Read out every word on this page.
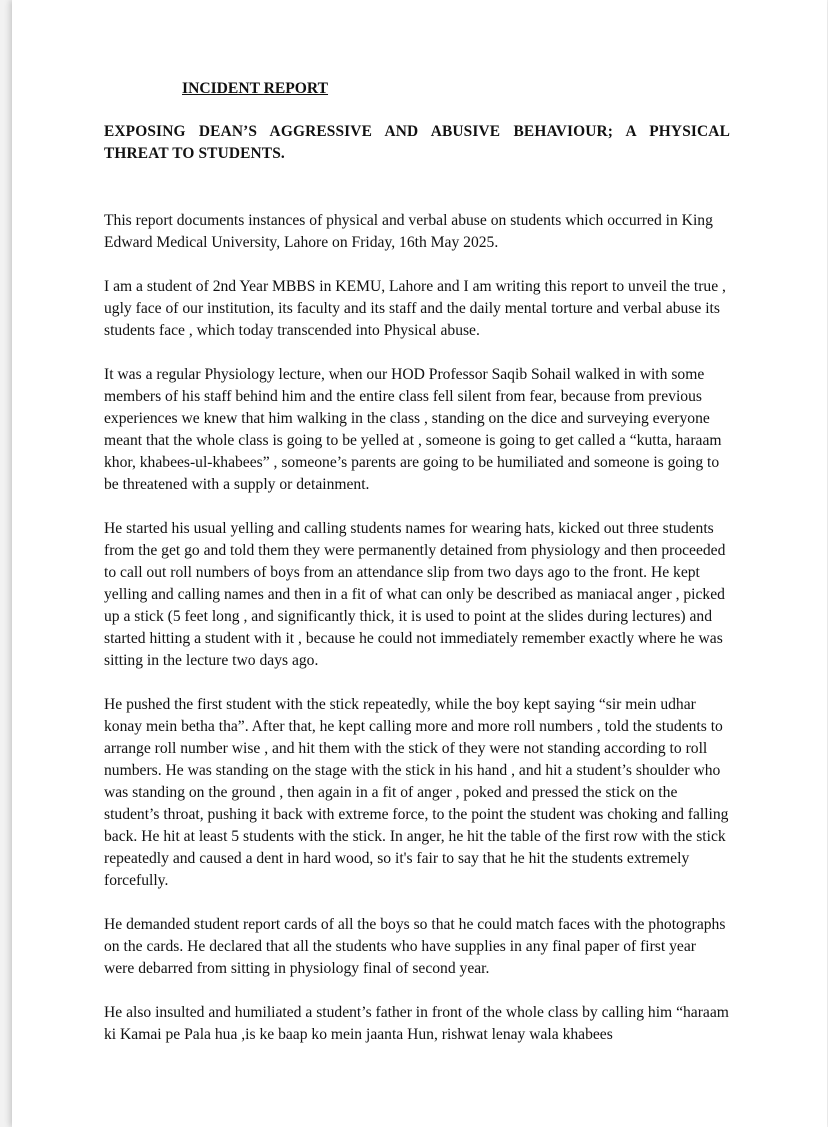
INCIDENT REPORT

EXPOSING DEAN’S AGGRESSIVE AND ABUSIVE BEHAVIOUR; A PHYSICAL THREAT TO STUDENTS.

This report documents instances of physical and verbal abuse on students which occurred in King Edward Medical University, Lahore on Friday, 16th May 2025.

I am a student of 2nd Year MBBS in KEMU, Lahore and I am writing this report to unveil the true , ugly face of our institution, its faculty and its staff and the daily mental torture and verbal abuse its students face , which today transcended into Physical abuse.

It was a regular Physiology lecture, when our HOD Professor Saqib Sohail walked in with some members of his staff behind him and the entire class fell silent from fear, because from previous experiences we knew that him walking in the class , standing on the dice and surveying everyone meant that the whole class is going to be yelled at , someone is going to get called a “kutta, haraam khor, khabees-ul-khabees” , someone’s parents are going to be humiliated and someone is going to be threatened with a supply or detainment.

He started his usual yelling and calling students names for wearing hats, kicked out three students from the get go and told them they were permanently detained from physiology and then proceeded to call out roll numbers of boys from an attendance slip from two days ago to the front. He kept yelling and calling names and then in a fit of what can only be described as maniacal anger , picked up a stick (5 feet long , and significantly thick, it is used to point at the slides during lectures) and started hitting a student with it , because he could not immediately remember exactly where he was sitting in the lecture two days ago.

He pushed the first student with the stick repeatedly, while the boy kept saying “sir mein udhar konay mein betha tha”. After that, he kept calling more and more roll numbers , told the students to arrange roll number wise , and hit them with the stick of they were not standing according to roll numbers. He was standing on the stage with the stick in his hand , and hit a student’s shoulder who was standing on the ground , then again in a fit of anger , poked and pressed the stick on the student’s throat, pushing it back with extreme force, to the point the student was choking and falling back. He hit at least 5 students with the stick. In anger, he hit the table of the first row with the stick repeatedly and caused a dent in hard wood, so it's fair to say that he hit the students extremely forcefully.

He demanded student report cards of all the boys so that he could match faces with the photographs on the cards. He declared that all the students who have supplies in any final paper of first year were debarred from sitting in physiology final of second year.

He also insulted and humiliated a student’s father in front of the whole class by calling him “haraam ki Kamai pe Pala hua ,is ke baap ko mein jaanta Hun, rishwat lenay wala khabees
